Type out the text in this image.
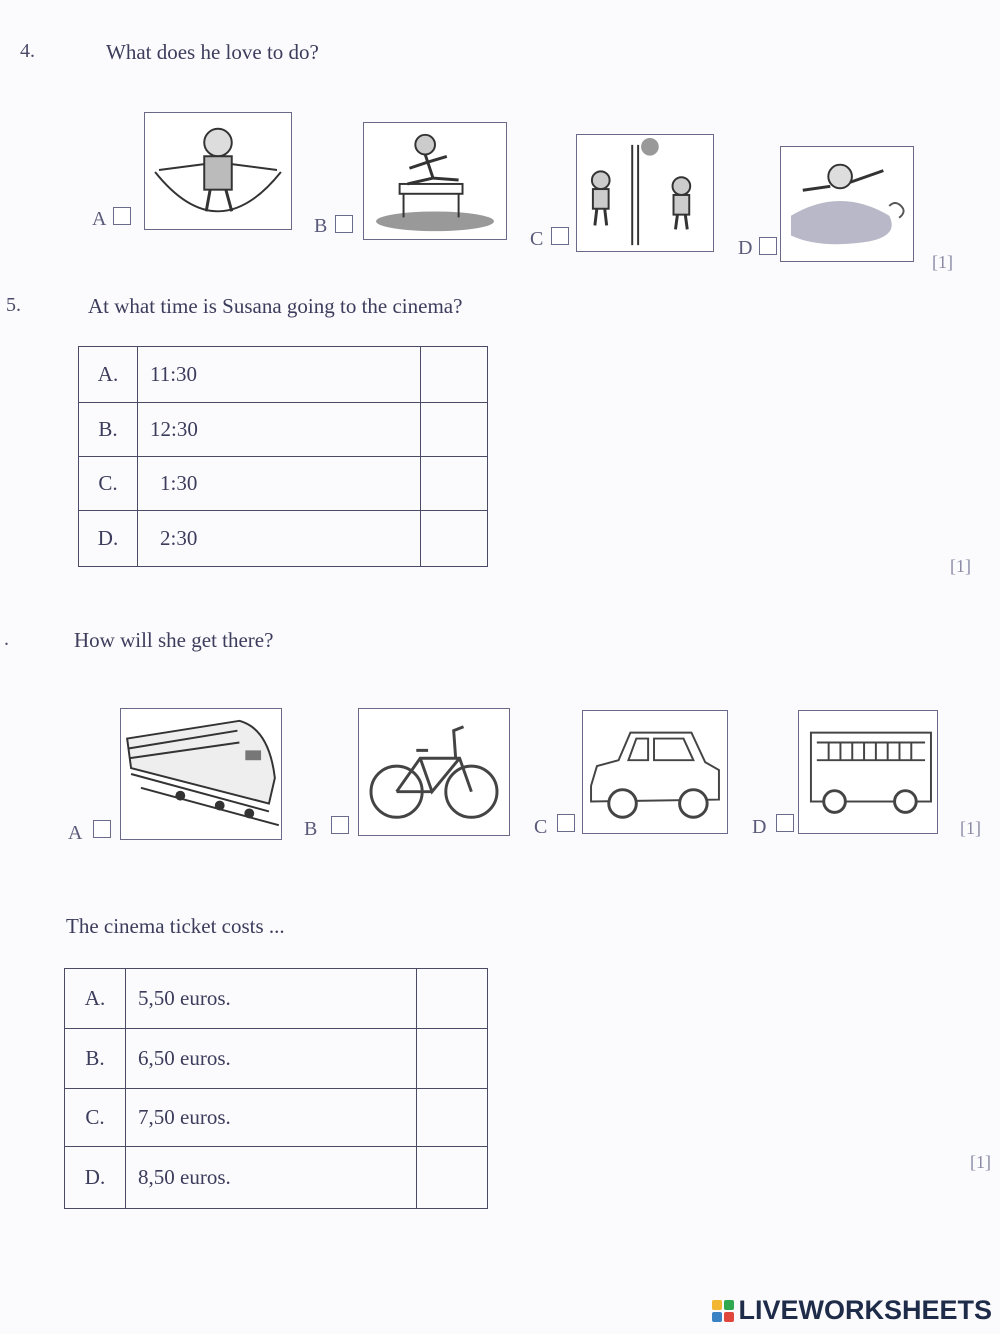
4.	What does he love to do?
A	B
C	D
[1]
5.	At what time is Susana going to the cinema?
A.	11:30	
B.	12:30	
C.	1:30	
D.	2:30	
[1]
.	How will she get there?
A	B	C	D	[1]
The cinema ticket costs ...
A.	5,50 euros.	
B.	6,50 euros.	
C.	7,50 euros.	
D.	8,50 euros.	
[1]
LIVEWORKSHEETS
